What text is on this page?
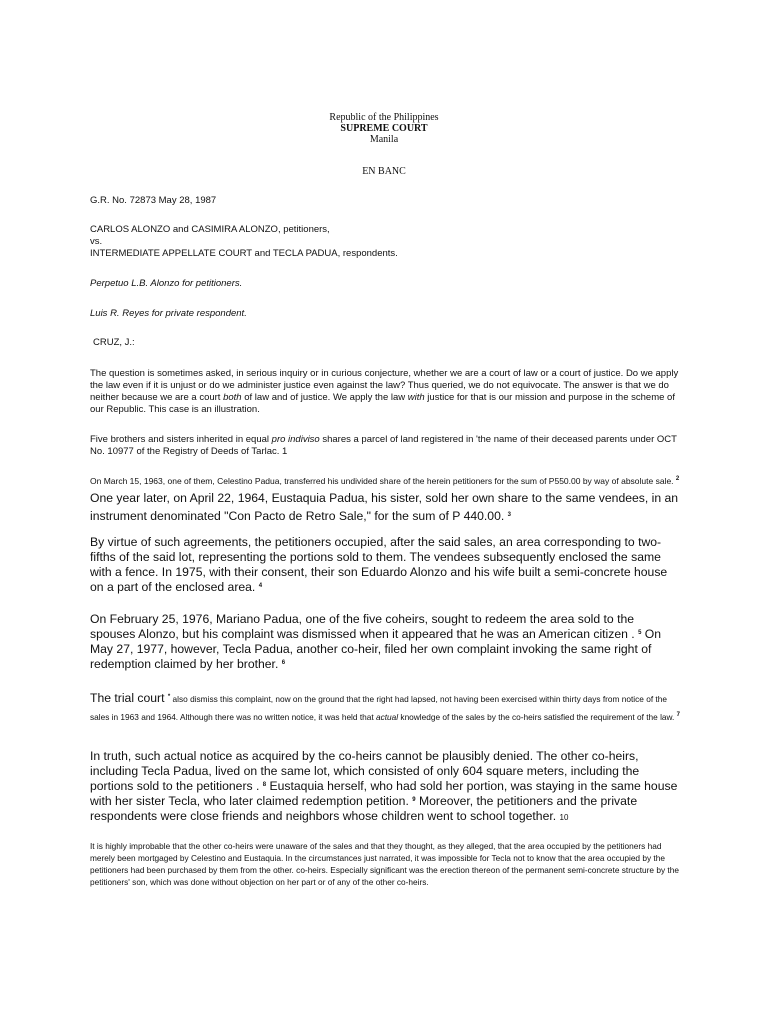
Republic of the Philippines
SUPREME COURT
Manila
EN BANC
G.R. No. 72873 May 28, 1987
CARLOS ALONZO and CASIMIRA ALONZO, petitioners,
vs.
INTERMEDIATE APPELLATE COURT and TECLA PADUA, respondents.
Perpetuo L.B. Alonzo for petitioners.
Luis R. Reyes for private respondent.
CRUZ, J.:

The question is sometimes asked, in serious inquiry or in curious conjecture, whether we are a court of law or a court of justice. Do we apply the law even if it is unjust or do we administer justice even against the law? Thus queried, we do not equivocate. The answer is that we do neither because we are a court both of law and of justice. We apply the law with justice for that is our mission and purpose in the scheme of our Republic. This case is an illustration.

Five brothers and sisters inherited in equal pro indiviso shares a parcel of land registered in 'the name of their deceased parents under OCT No. 10977 of the Registry of Deeds of Tarlac. 1

On March 15, 1963, one of them, Celestino Padua, transferred his undivided share of the herein petitioners for the sum of P550.00 by way of absolute sale. $^2$ One year later, on April 22, 1964, Eustaquia Padua, his sister, sold her own share to the same vendees, in an instrument denominated "Con Pacto de Retro Sale," for the sum of P 440.00. $^3$

By virtue of such agreements, the petitioners occupied, after the said sales, an area corresponding to two-fifths of the said lot, representing the portions sold to them. The vendees subsequently enclosed the same with a fence. In 1975, with their consent, their son Eduardo Alonzo and his wife built a semi-concrete house on a part of the enclosed area. $^4$

On February 25, 1976, Mariano Padua, one of the five coheirs, sought to redeem the area sold to the spouses Alonzo, but his complaint was dismissed when it appeared that he was an American citizen . $^5$ On May 27, 1977, however, Tecla Padua, another co-heir, filed her own complaint invoking the same right of redemption claimed by her brother. $^6$

The trial court * also dismiss this complaint, now on the ground that the right had lapsed, not having been exercised within thirty days from notice of the sales in 1963 and 1964. Although there was no written notice, it was held that actual knowledge of the sales by the co-heirs satisfied the requirement of the law. $^7$

In truth, such actual notice as acquired by the co-heirs cannot be plausibly denied. The other co-heirs, including Tecla Padua, lived on the same lot, which consisted of only 604 square meters, including the portions sold to the petitioners . $^8$ Eustaquia herself, who had sold her portion, was staying in the same house with her sister Tecla, who later claimed redemption petition. $^9$ Moreover, the petitioners and the private respondents were close friends and neighbors whose children went to school together. 10

It is highly improbable that the other co-heirs were unaware of the sales and that they thought, as they alleged, that the area occupied by the petitioners had merely been mortgaged by Celestino and Eustaquia. In the circumstances just narrated, it was impossible for Tecla not to know that the area occupied by the petitioners had been purchased by them from the other. co-heirs. Especially significant was the erection thereon of the permanent semi-concrete structure by the petitioners' son, which was done without objection on her part or of any of the other co-heirs.
